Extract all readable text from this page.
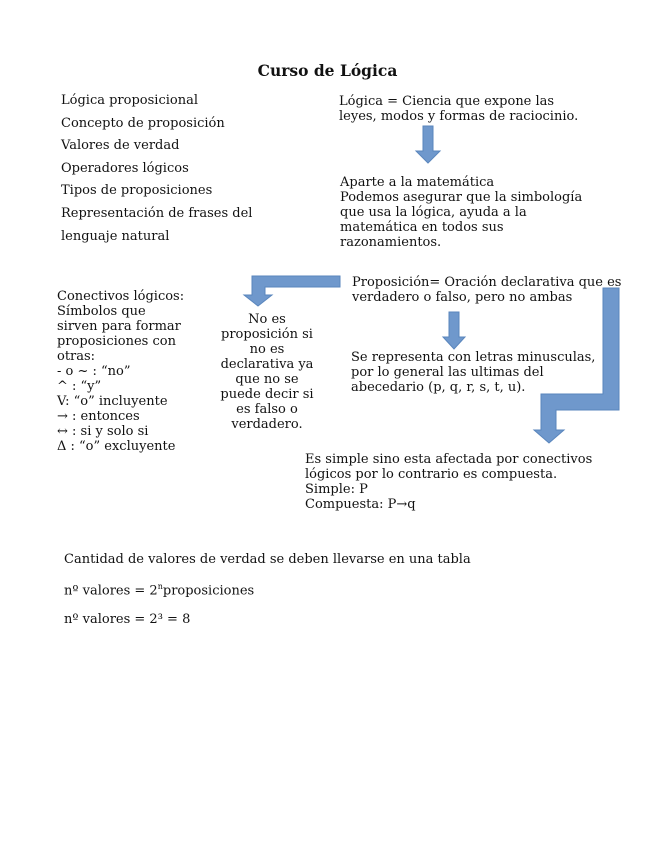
Curso de Lógica
Lógica proposicional
Concepto de proposición
Valores de verdad
Operadores lógicos
Tipos de proposiciones
Representación de frases del
lenguaje natural
Lógica = Ciencia que expone las
leyes, modos y formas de raciocinio.
Aparte a la matemática
Podemos asegurar que la simbología
que usa la lógica, ayuda a la
matemática en todos sus
razonamientos.
Proposición= Oración declarativa que es
verdadero o falso, pero no ambas
No es
proposición si
no es
declarativa ya
que no se
puede decir si
es falso o
verdadero.
Conectivos lógicos:
Símbolos que
sirven para formar
proposiciones con
otras:
- o ~ : “no”
^ : “y”
V: “o” incluyente
→ : entonces
↔ : si y solo si
Δ : “o” excluyente
Se representa con letras minusculas,
por lo general las ultimas del
abecedario (p, q, r, s, t, u).
Es simple sino esta afectada por conectivos
lógicos por lo contrario es compuesta.
Simple: P
Compuesta: P→q
Cantidad de valores de verdad se deben llevarse en una tabla
nº valores = $2^nproposiciones$
nº valores = 2³ = 8
